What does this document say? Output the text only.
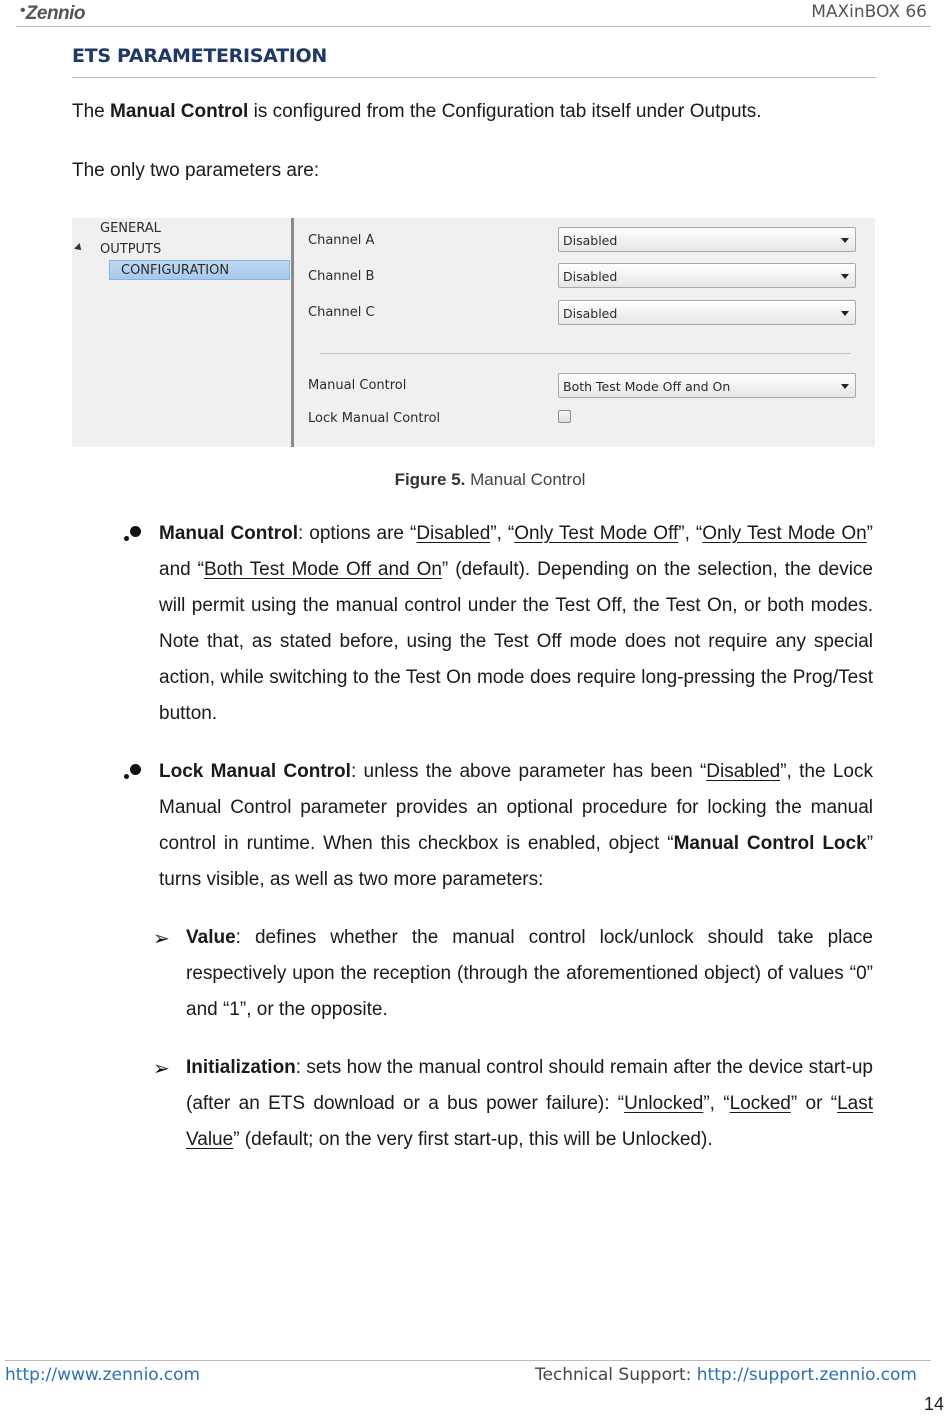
•Zennio	MAXinBOX 66
ETS PARAMETERISATION
The Manual Control is configured from the Configuration tab itself under Outputs.
The only two parameters are:
GENERAL
OUTPUTS
CONFIGURATION
Channel A	Disabled
Channel B	Disabled
Channel C	Disabled
Manual Control	Both Test Mode Off and On
Lock Manual Control
Figure 5. Manual Control
Manual Control: options are “Disabled”, “Only Test Mode Off”, “Only Test Mode On” and “Both Test Mode Off and On” (default). Depending on the selection, the device will permit using the manual control under the Test Off, the Test On, or both modes. Note that, as stated before, using the Test Off mode does not require any special action, while switching to the Test On mode does require long-pressing the Prog/Test button.
Lock Manual Control: unless the above parameter has been “Disabled”, the Lock Manual Control parameter provides an optional procedure for locking the manual control in runtime. When this checkbox is enabled, object “Manual Control Lock” turns visible, as well as two more parameters:
➢ Value: defines whether the manual control lock/unlock should take place respectively upon the reception (through the aforementioned object) of values “0” and “1”, or the opposite.
➢ Initialization: sets how the manual control should remain after the device start-up (after an ETS download or a bus power failure): “Unlocked”, “Locked” or “Last Value” (default; on the very first start-up, this will be Unlocked).
http://www.zennio.com	Technical Support: http://support.zennio.com
14
